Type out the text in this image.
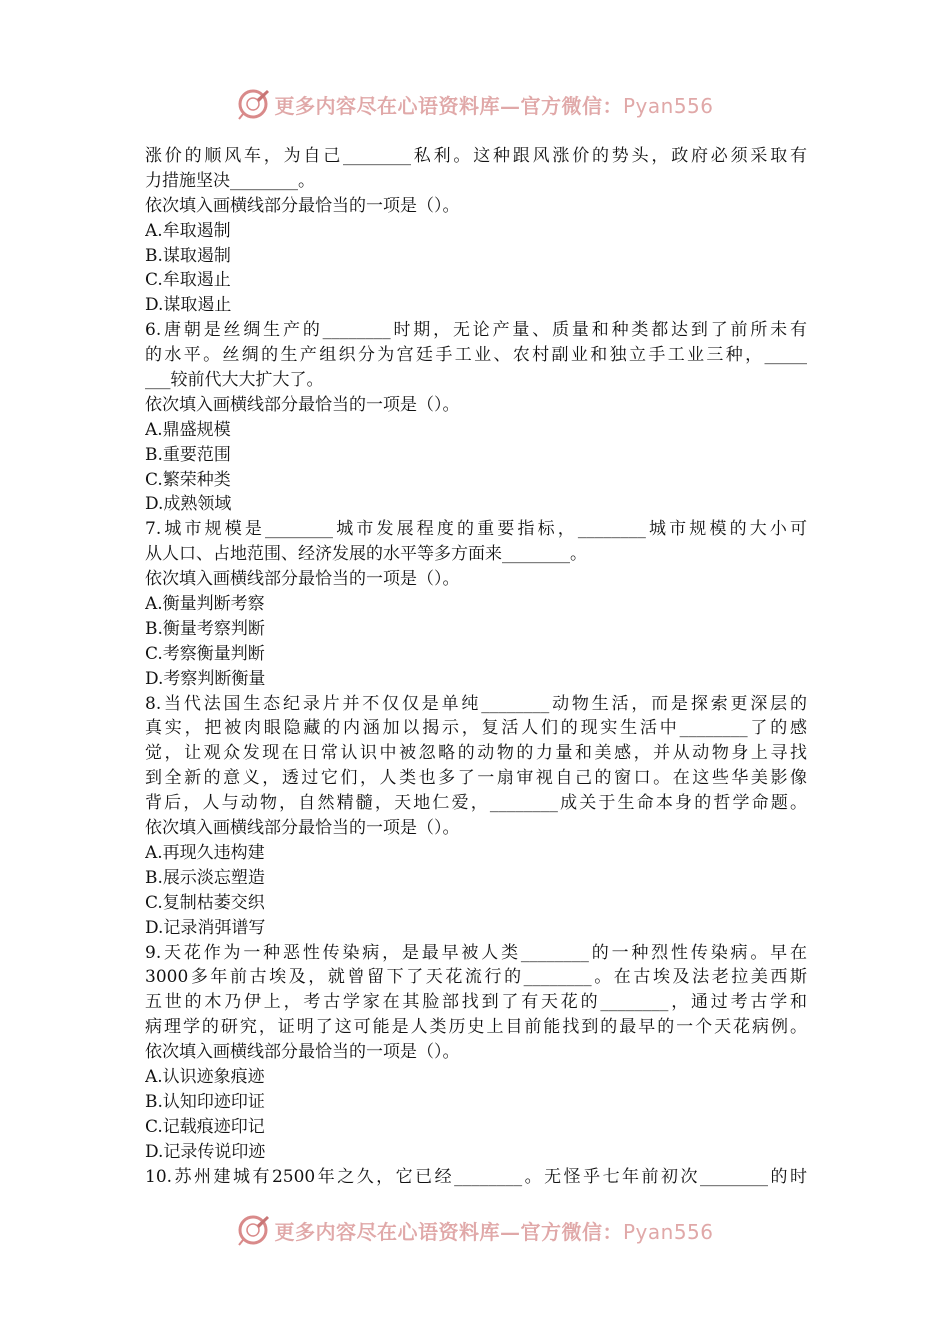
更多内容尽在心语资料库—官方微信：Pyan556
涨价的顺风车，为自己________私利。这种跟风涨价的势头，政府必须采取有
力措施坚决________。
依次填入画横线部分最恰当的一项是（）。
A.牟取遏制
B.谋取遏制
C.牟取遏止
D.谋取遏止
6.唐朝是丝绸生产的________时期，无论产量、质量和种类都达到了前所未有
的水平。丝绸的生产组织分为宫廷手工业、农村副业和独立手工业三种，_____
___较前代大大扩大了。
依次填入画横线部分最恰当的一项是（）。
A.鼎盛规模
B.重要范围
C.繁荣种类
D.成熟领域
7.城市规模是________城市发展程度的重要指标，________城市规模的大小可
从人口、占地范围、经济发展的水平等多方面来________。
依次填入画横线部分最恰当的一项是（）。
A.衡量判断考察
B.衡量考察判断
C.考察衡量判断
D.考察判断衡量
8.当代法国生态纪录片并不仅仅是单纯________动物生活，而是探索更深层的
真实，把被肉眼隐藏的内涵加以揭示，复活人们的现实生活中________了的感
觉，让观众发现在日常认识中被忽略的动物的力量和美感，并从动物身上寻找
到全新的意义，透过它们，人类也多了一扇审视自己的窗口。在这些华美影像
背后，人与动物，自然精髓，天地仁爱，________成关于生命本身的哲学命题。
依次填入画横线部分最恰当的一项是（）。
A.再现久违构建
B.展示淡忘塑造
C.复制枯萎交织
D.记录消弭谱写
9.天花作为一种恶性传染病，是最早被人类________的一种烈性传染病。早在
3000多年前古埃及，就曾留下了天花流行的________。在古埃及法老拉美西斯
五世的木乃伊上，考古学家在其脸部找到了有天花的________，通过考古学和
病理学的研究，证明了这可能是人类历史上目前能找到的最早的一个天花病例。
依次填入画横线部分最恰当的一项是（）。
A.认识迹象痕迹
B.认知印迹印证
C.记载痕迹印记
D.记录传说印迹
10.苏州建城有2500年之久，它已经________。无怪乎七年前初次________的时
更多内容尽在心语资料库—官方微信：Pyan556
